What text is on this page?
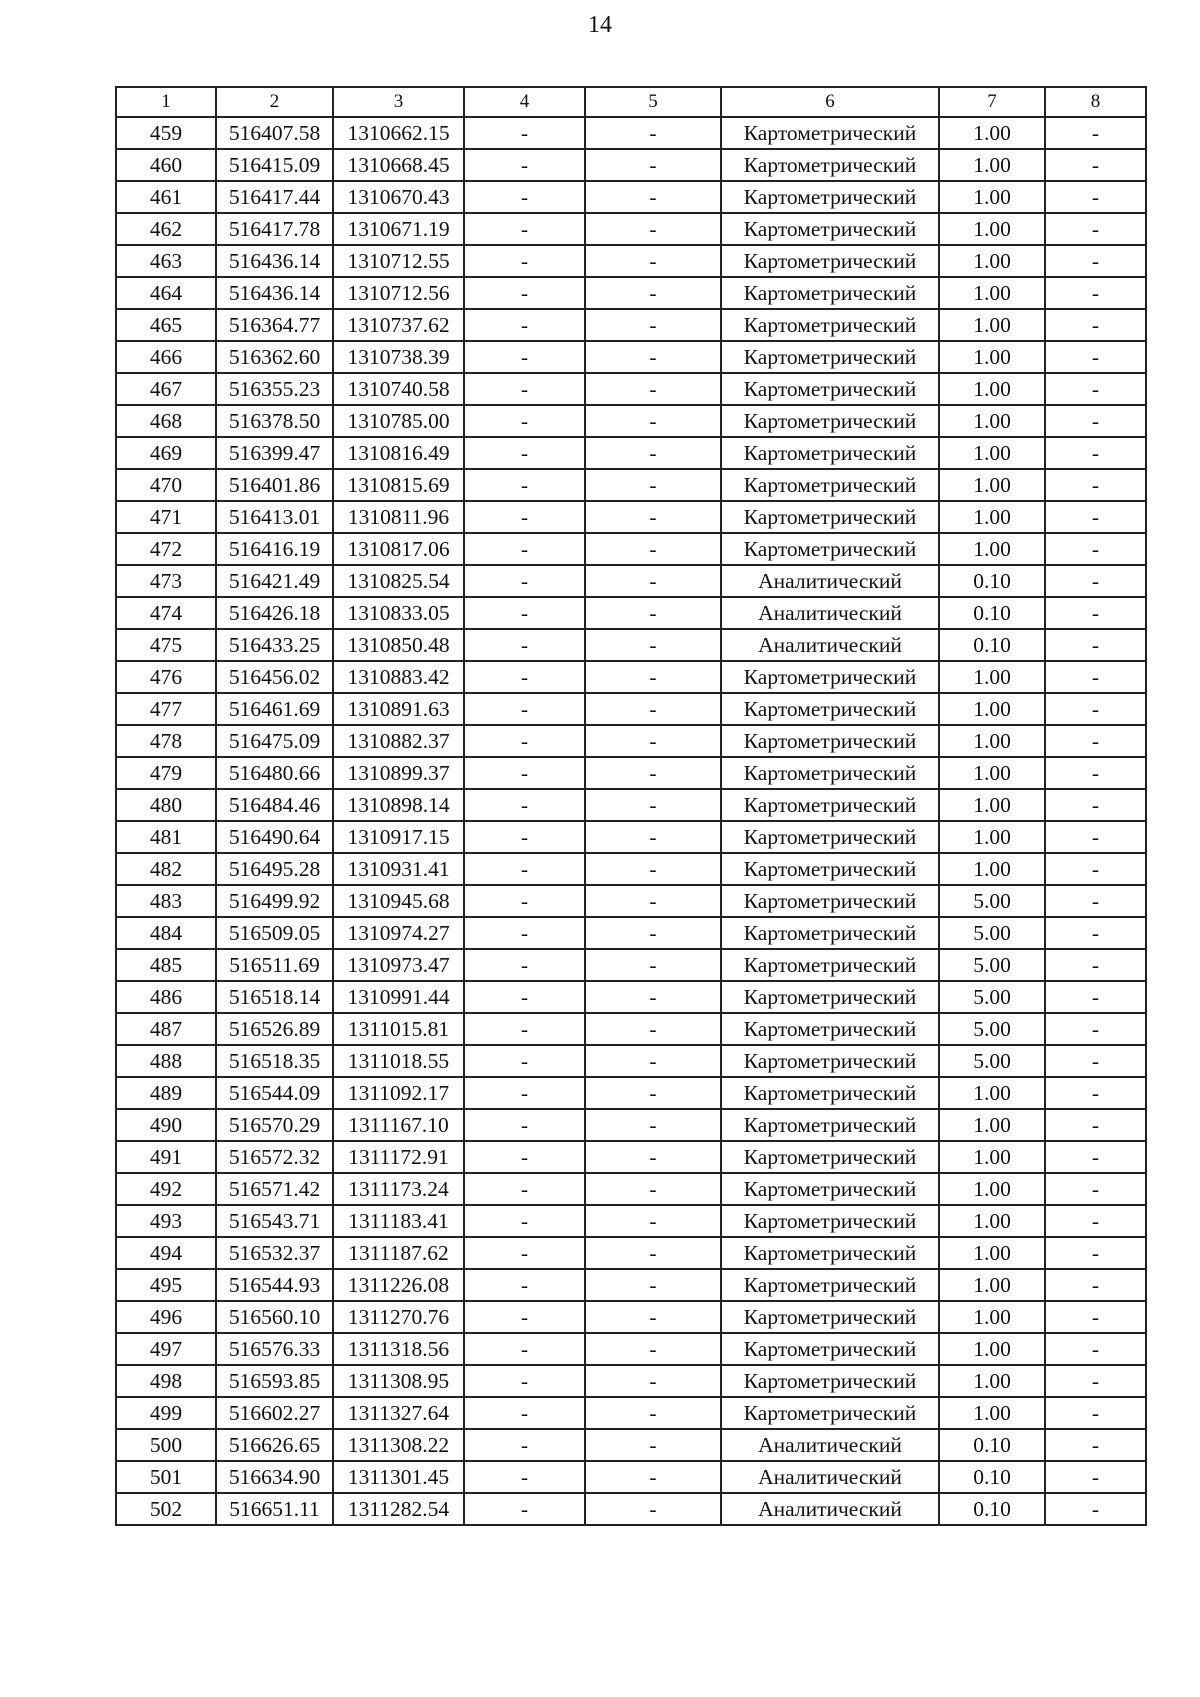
14
1	2	3	4	5	6	7	8
459	516407.58	1310662.15	-	-	Картометрический	1.00	-
460	516415.09	1310668.45	-	-	Картометрический	1.00	-
461	516417.44	1310670.43	-	-	Картометрический	1.00	-
462	516417.78	1310671.19	-	-	Картометрический	1.00	-
463	516436.14	1310712.55	-	-	Картометрический	1.00	-
464	516436.14	1310712.56	-	-	Картометрический	1.00	-
465	516364.77	1310737.62	-	-	Картометрический	1.00	-
466	516362.60	1310738.39	-	-	Картометрический	1.00	-
467	516355.23	1310740.58	-	-	Картометрический	1.00	-
468	516378.50	1310785.00	-	-	Картометрический	1.00	-
469	516399.47	1310816.49	-	-	Картометрический	1.00	-
470	516401.86	1310815.69	-	-	Картометрический	1.00	-
471	516413.01	1310811.96	-	-	Картометрический	1.00	-
472	516416.19	1310817.06	-	-	Картометрический	1.00	-
473	516421.49	1310825.54	-	-	Аналитический	0.10	-
474	516426.18	1310833.05	-	-	Аналитический	0.10	-
475	516433.25	1310850.48	-	-	Аналитический	0.10	-
476	516456.02	1310883.42	-	-	Картометрический	1.00	-
477	516461.69	1310891.63	-	-	Картометрический	1.00	-
478	516475.09	1310882.37	-	-	Картометрический	1.00	-
479	516480.66	1310899.37	-	-	Картометрический	1.00	-
480	516484.46	1310898.14	-	-	Картометрический	1.00	-
481	516490.64	1310917.15	-	-	Картометрический	1.00	-
482	516495.28	1310931.41	-	-	Картометрический	1.00	-
483	516499.92	1310945.68	-	-	Картометрический	5.00	-
484	516509.05	1310974.27	-	-	Картометрический	5.00	-
485	516511.69	1310973.47	-	-	Картометрический	5.00	-
486	516518.14	1310991.44	-	-	Картометрический	5.00	-
487	516526.89	1311015.81	-	-	Картометрический	5.00	-
488	516518.35	1311018.55	-	-	Картометрический	5.00	-
489	516544.09	1311092.17	-	-	Картометрический	1.00	-
490	516570.29	1311167.10	-	-	Картометрический	1.00	-
491	516572.32	1311172.91	-	-	Картометрический	1.00	-
492	516571.42	1311173.24	-	-	Картометрический	1.00	-
493	516543.71	1311183.41	-	-	Картометрический	1.00	-
494	516532.37	1311187.62	-	-	Картометрический	1.00	-
495	516544.93	1311226.08	-	-	Картометрический	1.00	-
496	516560.10	1311270.76	-	-	Картометрический	1.00	-
497	516576.33	1311318.56	-	-	Картометрический	1.00	-
498	516593.85	1311308.95	-	-	Картометрический	1.00	-
499	516602.27	1311327.64	-	-	Картометрический	1.00	-
500	516626.65	1311308.22	-	-	Аналитический	0.10	-
501	516634.90	1311301.45	-	-	Аналитический	0.10	-
502	516651.11	1311282.54	-	-	Аналитический	0.10	-
